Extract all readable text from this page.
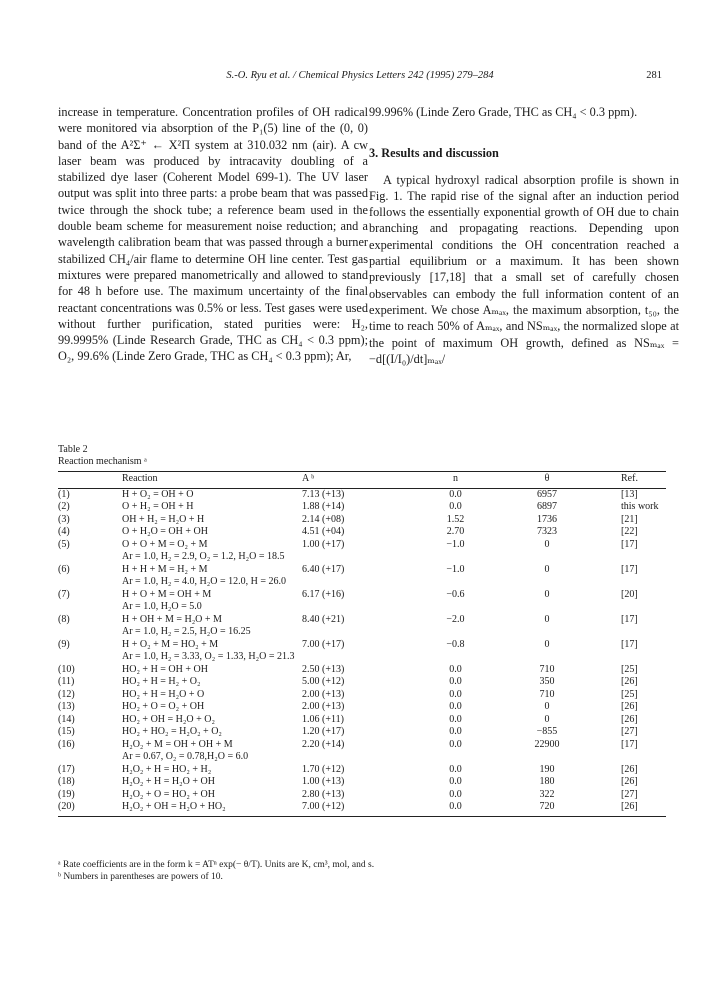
S.-O. Ryu et al. / Chemical Physics Letters 242 (1995) 279–284	281

increase in temperature. Concentration profiles of OH radical were monitored via absorption of the P₁(5) line of the (0, 0) band of the A²Σ⁺ ← X²Π system at 310.032 nm (air). A cw laser beam was produced by intracavity doubling of a stabilized dye laser (Coherent Model 699-1). The UV laser output was split into three parts: a probe beam that was passed twice through the shock tube; a reference beam used in the double beam scheme for measurement noise reduction; and a wavelength calibration beam that was passed through a burner stabilized CH₄/air flame to determine OH line center. Test gas mixtures were prepared manometrically and allowed to stand for 48 h before use. The maximum uncertainty of the final reactant concentrations was 0.5% or less. Test gases were used without further purification, stated purities were: H₂, 99.9995% (Linde Research Grade, THC as CH₄ < 0.3 ppm); O₂, 99.6% (Linde Zero Grade, THC as CH₄ < 0.3 ppm); Ar,

99.996% (Linde Zero Grade, THC as CH₄ < 0.3 ppm).

3. Results and discussion

A typical hydroxyl radical absorption profile is shown in Fig. 1. The rapid rise of the signal after an induction period follows the essentially exponential growth of OH due to chain branching and propagating reactions. Depending upon experimental conditions the OH concentration reached a partial equilibrium or a maximum. It has been shown previously [17,18] that a small set of carefully chosen observables can embody the full information content of an experiment. We chose Aₘₐₓ, the maximum absorption, t₅₀, the time to reach 50% of Aₘₐₓ, and NSₘₐₓ, the normalized slope at the point of maximum OH growth, defined as NSₘₐₓ = −d[(I/I₀)/dt]ₘₐₓ/

Table 2
Reaction mechanism ᵃ
	Reaction	A ᵇ	n	θ	Ref.
(1)	H + O₂ = OH + O	7.13 (+13)	0.0	6957	[13]
(2)	O + H₂ = OH + H	1.88 (+14)	0.0	6897	this work
(3)	OH + H₂ = H₂O + H	2.14 (+08)	1.52	1736	[21]
(4)	O + H₂O = OH + OH	4.51 (+04)	2.70	7323	[22]
(5)	O + O + M = O₂ + M	1.00 (+17)	−1.0	0	[17]
	Ar = 1.0, H₂ = 2.9, O₂ = 1.2, H₂O = 18.5				
(6)	H + H + M = H₂ + M	6.40 (+17)	−1.0	0	[17]
	Ar = 1.0, H₂ = 4.0, H₂O = 12.0, H = 26.0				
(7)	H + O + M = OH + M	6.17 (+16)	−0.6	0	[20]
	Ar = 1.0, H₂O = 5.0				
(8)	H + OH + M = H₂O + M	8.40 (+21)	−2.0	0	[17]
	Ar = 1.0, H₂ = 2.5, H₂O = 16.25				
(9)	H + O₂ + M = HO₂ + M	7.00 (+17)	−0.8	0	[17]
	Ar = 1.0, H₂ = 3.33, O₂ = 1.33, H₂O = 21.3				
(10)	HO₂ + H = OH + OH	2.50 (+13)	0.0	710	[25]
(11)	HO₂ + H = H₂ + O₂	5.00 (+12)	0.0	350	[26]
(12)	HO₂ + H = H₂O + O	2.00 (+13)	0.0	710	[25]
(13)	HO₂ + O = O₂ + OH	2.00 (+13)	0.0	0	[26]
(14)	HO₂ + OH = H₂O + O₂	1.06 (+11)	0.0	0	[26]
(15)	HO₂ + HO₂ = H₂O₂ + O₂	1.20 (+17)	0.0	−855	[27]
(16)	H₂O₂ + M = OH + OH + M	2.20 (+14)	0.0	22900	[17]
	Ar = 0.67, O₂ = 0.78,H₂O = 6.0				
(17)	H₂O₂ + H = HO₂ + H₂	1.70 (+12)	0.0	190	[26]
(18)	H₂O₂ + H = H₂O + OH	1.00 (+13)	0.0	180	[26]
(19)	H₂O₂ + O = HO₂ + OH	2.80 (+13)	0.0	322	[27]
(20)	H₂O₂ + OH = H₂O + HO₂	7.00 (+12)	0.0	720	[26]
ᵃ Rate coefficients are in the form k = ATⁿ exp(− θ/T). Units are K, cm³, mol, and s.
ᵇ Numbers in parentheses are powers of 10.
